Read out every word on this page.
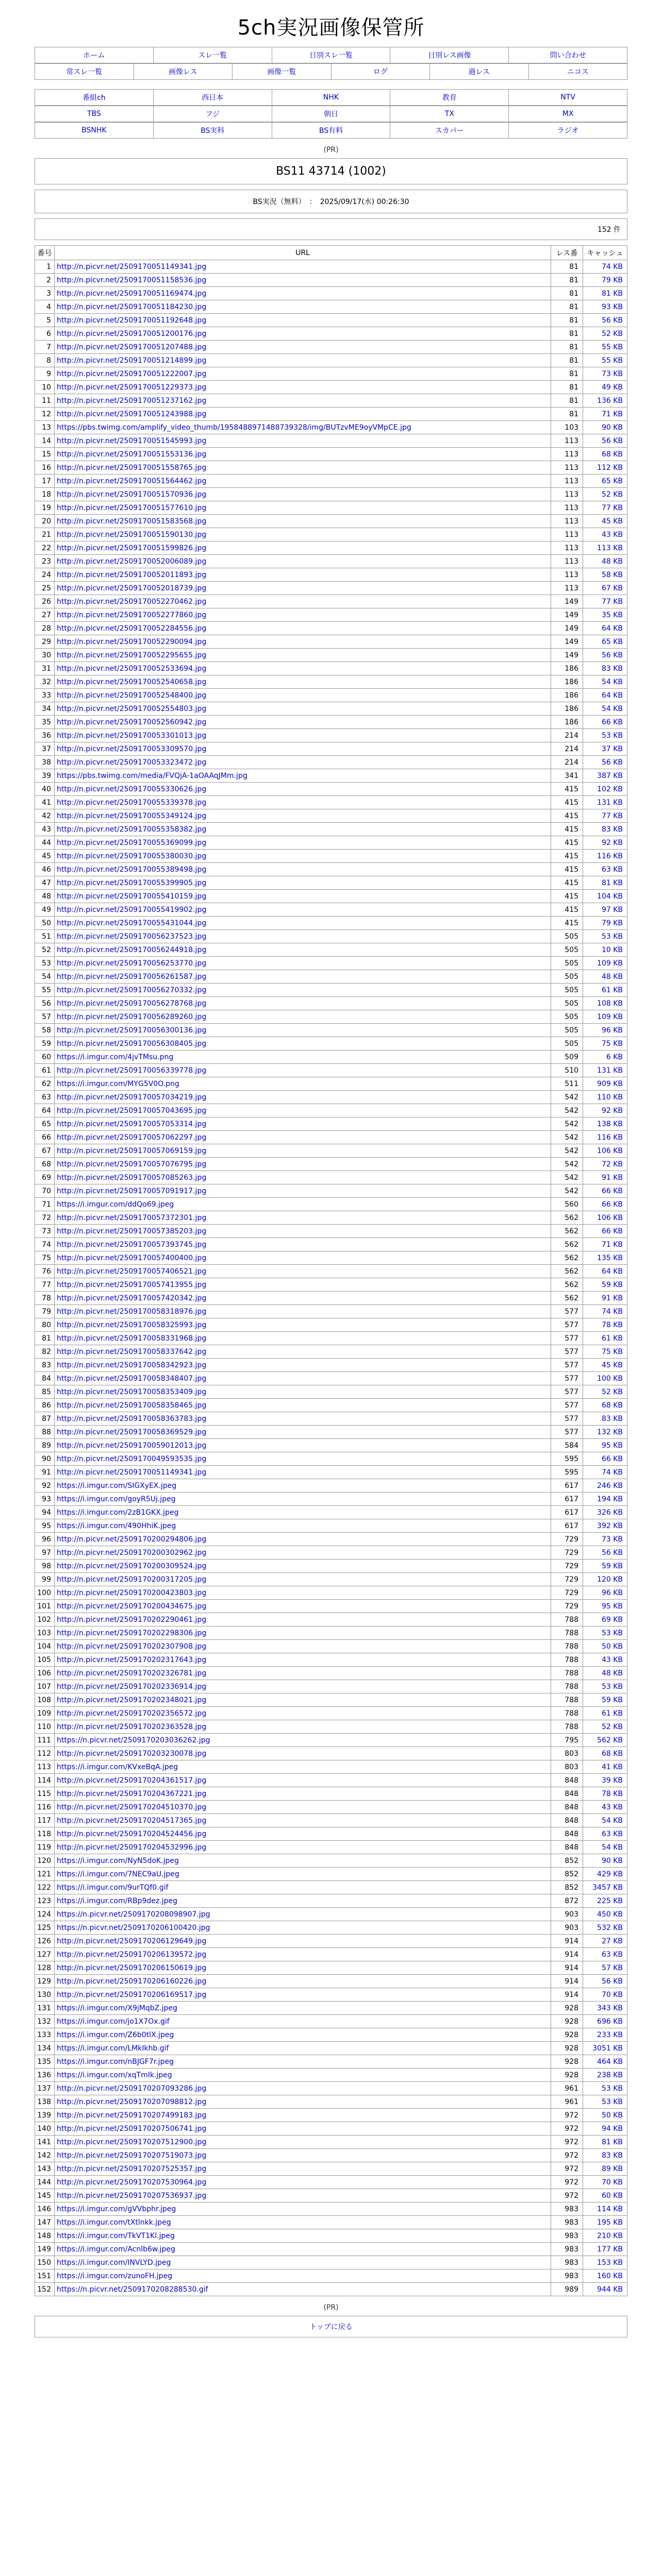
5ch実況画像保管所
ホーム	スレ一覧	日別スレ一覧	日別レス画像	問い合わせ
常スレ一覧	画像レス	画像一覧	ログ	過レス	ニコス
番組ch	西日本	NHK	教育	NTV
TBS	フジ	朝日	TX	MX
BSNHK	BS実科	BS有料	スカパー	ラジオ
(PR)
BS11 43714 (1002)
BS実況（無料）　：　2025/09/17(水) 00:26:30
152 件
番号	URL	レス番	キャッシュ
1	http://n.picvr.net/2509170051149341.jpg	81	74 KB
2	http://n.picvr.net/2509170051158536.jpg	81	79 KB
3	http://n.picvr.net/2509170051169474.jpg	81	81 KB
4	http://n.picvr.net/2509170051184230.jpg	81	93 KB
5	http://n.picvr.net/2509170051192648.jpg	81	56 KB
6	http://n.picvr.net/2509170051200176.jpg	81	52 KB
7	http://n.picvr.net/2509170051207488.jpg	81	55 KB
8	http://n.picvr.net/2509170051214899.jpg	81	55 KB
9	http://n.picvr.net/2509170051222007.jpg	81	73 KB
10	http://n.picvr.net/2509170051229373.jpg	81	49 KB
11	http://n.picvr.net/2509170051237162.jpg	81	136 KB
12	http://n.picvr.net/2509170051243988.jpg	81	71 KB
13	https://pbs.twimg.com/amplify_video_thumb/1958488971488739328/img/BUTzvME9oyVMpCE.jpg	103	90 KB
14	http://n.picvr.net/2509170051545993.jpg	113	56 KB
15	http://n.picvr.net/2509170051553136.jpg	113	68 KB
16	http://n.picvr.net/2509170051558765.jpg	113	112 KB
17	http://n.picvr.net/2509170051564462.jpg	113	65 KB
18	http://n.picvr.net/2509170051570936.jpg	113	52 KB
19	http://n.picvr.net/2509170051577610.jpg	113	77 KB
20	http://n.picvr.net/2509170051583568.jpg	113	45 KB
21	http://n.picvr.net/2509170051590130.jpg	113	43 KB
22	http://n.picvr.net/2509170051599826.jpg	113	113 KB
23	http://n.picvr.net/2509170052006089.jpg	113	48 KB
24	http://n.picvr.net/2509170052011893.jpg	113	58 KB
25	http://n.picvr.net/2509170052018739.jpg	113	67 KB
26	http://n.picvr.net/2509170052270462.jpg	149	77 KB
27	http://n.picvr.net/2509170052277860.jpg	149	35 KB
28	http://n.picvr.net/2509170052284556.jpg	149	64 KB
29	http://n.picvr.net/2509170052290094.jpg	149	65 KB
30	http://n.picvr.net/2509170052295655.jpg	149	56 KB
31	http://n.picvr.net/2509170052533694.jpg	186	83 KB
32	http://n.picvr.net/2509170052540658.jpg	186	54 KB
33	http://n.picvr.net/2509170052548400.jpg	186	64 KB
34	http://n.picvr.net/2509170052554803.jpg	186	54 KB
35	http://n.picvr.net/2509170052560942.jpg	186	66 KB
36	http://n.picvr.net/2509170053301013.jpg	214	53 KB
37	http://n.picvr.net/2509170053309570.jpg	214	37 KB
38	http://n.picvr.net/2509170053323472.jpg	214	56 KB
39	https://pbs.twimg.com/media/FVQjA-1aOAAqJMm.jpg	341	387 KB
40	http://n.picvr.net/2509170055330626.jpg	415	102 KB
41	http://n.picvr.net/2509170055339378.jpg	415	131 KB
42	http://n.picvr.net/2509170055349124.jpg	415	77 KB
43	http://n.picvr.net/2509170055358382.jpg	415	83 KB
44	http://n.picvr.net/2509170055369099.jpg	415	92 KB
45	http://n.picvr.net/2509170055380030.jpg	415	116 KB
46	http://n.picvr.net/2509170055389498.jpg	415	63 KB
47	http://n.picvr.net/2509170055399905.jpg	415	81 KB
48	http://n.picvr.net/2509170055410159.jpg	415	104 KB
49	http://n.picvr.net/2509170055419902.jpg	415	97 KB
50	http://n.picvr.net/2509170055431044.jpg	415	79 KB
51	http://n.picvr.net/2509170056237523.jpg	505	53 KB
52	http://n.picvr.net/2509170056244918.jpg	505	10 KB
53	http://n.picvr.net/2509170056253770.jpg	505	109 KB
54	http://n.picvr.net/2509170056261587.jpg	505	48 KB
55	http://n.picvr.net/2509170056270332.jpg	505	61 KB
56	http://n.picvr.net/2509170056278768.jpg	505	108 KB
57	http://n.picvr.net/2509170056289260.jpg	505	109 KB
58	http://n.picvr.net/2509170056300136.jpg	505	96 KB
59	http://n.picvr.net/2509170056308405.jpg	505	75 KB
60	https://i.imgur.com/4jvTMsu.png	509	6 KB
61	http://n.picvr.net/2509170056339778.jpg	510	131 KB
62	https://i.imgur.com/MYG5V0O.png	511	909 KB
63	http://n.picvr.net/2509170057034219.jpg	542	110 KB
64	http://n.picvr.net/2509170057043695.jpg	542	92 KB
65	http://n.picvr.net/2509170057053314.jpg	542	138 KB
66	http://n.picvr.net/2509170057062297.jpg	542	116 KB
67	http://n.picvr.net/2509170057069159.jpg	542	106 KB
68	http://n.picvr.net/2509170057076795.jpg	542	72 KB
69	http://n.picvr.net/2509170057085263.jpg	542	91 KB
70	http://n.picvr.net/2509170057091917.jpg	542	66 KB
71	https://i.imgur.com/ddQo69.jpeg	560	66 KB
72	http://n.picvr.net/2509170057372301.jpg	562	106 KB
73	http://n.picvr.net/2509170057385203.jpg	562	66 KB
74	http://n.picvr.net/2509170057393745.jpg	562	71 KB
75	http://n.picvr.net/2509170057400400.jpg	562	135 KB
76	http://n.picvr.net/2509170057406521.jpg	562	64 KB
77	http://n.picvr.net/2509170057413955.jpg	562	59 KB
78	http://n.picvr.net/2509170057420342.jpg	562	91 KB
79	http://n.picvr.net/2509170058318976.jpg	577	74 KB
80	http://n.picvr.net/2509170058325993.jpg	577	78 KB
81	http://n.picvr.net/2509170058331968.jpg	577	61 KB
82	http://n.picvr.net/2509170058337642.jpg	577	75 KB
83	http://n.picvr.net/2509170058342923.jpg	577	45 KB
84	http://n.picvr.net/2509170058348407.jpg	577	100 KB
85	http://n.picvr.net/2509170058353409.jpg	577	52 KB
86	http://n.picvr.net/2509170058358465.jpg	577	68 KB
87	http://n.picvr.net/2509170058363783.jpg	577	83 KB
88	http://n.picvr.net/2509170058369529.jpg	577	132 KB
89	http://n.picvr.net/2509170059012013.jpg	584	95 KB
90	http://n.picvr.net/2509170049593535.jpg	595	66 KB
91	http://n.picvr.net/2509170051149341.jpg	595	74 KB
92	https://i.imgur.com/SIGXyEX.jpeg	617	246 KB
93	https://i.imgur.com/goyR5Uj.jpeg	617	194 KB
94	https://i.imgur.com/2zB1GKX.jpeg	617	326 KB
95	https://i.imgur.com/490HhiK.jpeg	617	392 KB
96	http://n.picvr.net/2509170200294806.jpg	729	73 KB
97	http://n.picvr.net/2509170200302962.jpg	729	56 KB
98	http://n.picvr.net/2509170200309524.jpg	729	59 KB
99	http://n.picvr.net/2509170200317205.jpg	729	120 KB
100	http://n.picvr.net/2509170200423803.jpg	729	96 KB
101	http://n.picvr.net/2509170200434675.jpg	729	95 KB
102	http://n.picvr.net/2509170202290461.jpg	788	69 KB
103	http://n.picvr.net/2509170202298306.jpg	788	53 KB
104	http://n.picvr.net/2509170202307908.jpg	788	50 KB
105	http://n.picvr.net/2509170202317643.jpg	788	43 KB
106	http://n.picvr.net/2509170202326781.jpg	788	48 KB
107	http://n.picvr.net/2509170202336914.jpg	788	53 KB
108	http://n.picvr.net/2509170202348021.jpg	788	59 KB
109	http://n.picvr.net/2509170202356572.jpg	788	61 KB
110	http://n.picvr.net/2509170202363528.jpg	788	52 KB
111	https://n.picvr.net/2509170203036262.jpg	795	562 KB
112	http://n.picvr.net/2509170203230078.jpg	803	68 KB
113	https://i.imgur.com/KVxeBqA.jpeg	803	41 KB
114	http://n.picvr.net/2509170204361517.jpg	848	39 KB
115	http://n.picvr.net/2509170204367221.jpg	848	78 KB
116	http://n.picvr.net/2509170204510370.jpg	848	43 KB
117	http://n.picvr.net/2509170204517365.jpg	848	54 KB
118	http://n.picvr.net/2509170204524456.jpg	848	63 KB
119	http://n.picvr.net/2509170204532996.jpg	848	54 KB
120	https://i.imgur.com/NyN5doK.jpeg	852	90 KB
121	https://i.imgur.com/7NEC9aU.jpeg	852	429 KB
122	https://i.imgur.com/9urTQf0.gif	852	3457 KB
123	https://i.imgur.com/RBp9dez.jpeg	872	225 KB
124	https://n.picvr.net/2509170208098907.jpg	903	450 KB
125	https://n.picvr.net/2509170206100420.jpg	903	532 KB
126	http://n.picvr.net/2509170206129649.jpg	914	27 KB
127	http://n.picvr.net/2509170206139572.jpg	914	63 KB
128	http://n.picvr.net/2509170206150619.jpg	914	57 KB
129	http://n.picvr.net/2509170206160226.jpg	914	56 KB
130	http://n.picvr.net/2509170206169517.jpg	914	70 KB
131	https://i.imgur.com/X9jMqbZ.jpeg	928	343 KB
132	https://i.imgur.com/jo1X7Ox.gif	928	696 KB
133	https://i.imgur.com/Z6b0tlX.jpeg	928	233 KB
134	https://i.imgur.com/LMkIkhb.gif	928	3051 KB
135	https://i.imgur.com/nBJGF7r.jpeg	928	464 KB
136	https://i.imgur.com/xqTmIk.jpeg	928	238 KB
137	http://n.picvr.net/2509170207093286.jpg	961	53 KB
138	http://n.picvr.net/2509170207098812.jpg	961	53 KB
139	http://n.picvr.net/2509170207499183.jpg	972	50 KB
140	http://n.picvr.net/2509170207506741.jpg	972	94 KB
141	http://n.picvr.net/2509170207512900.jpg	972	81 KB
142	http://n.picvr.net/2509170207519073.jpg	972	83 KB
143	http://n.picvr.net/2509170207525357.jpg	972	89 KB
144	http://n.picvr.net/2509170207530964.jpg	972	70 KB
145	http://n.picvr.net/2509170207536937.jpg	972	60 KB
146	https://i.imgur.com/gVVbphr.jpeg	983	114 KB
147	https://i.imgur.com/tXtlnkk.jpeg	983	195 KB
148	https://i.imgur.com/TkVT1Kl.jpeg	983	210 KB
149	https://i.imgur.com/Acnlb6w.jpeg	983	177 KB
150	https://i.imgur.com/INVLYD.jpeg	983	153 KB
151	https://i.imgur.com/zunoFH.jpeg	983	160 KB
152	https://n.picvr.net/2509170208288530.gif	989	944 KB
(PR)
トップに戻る
